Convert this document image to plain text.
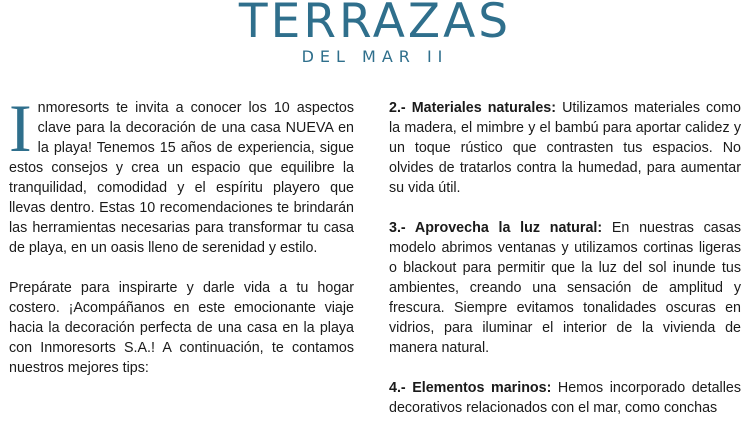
TERRAZAS
DEL MAR II

Inmoresorts te invita a conocer los 10 aspectos clave para la decoración de una casa NUEVA en la playa! Tenemos 15 años de experiencia, sigue estos consejos y crea un espacio que equilibre la tranquilidad, comodidad y el espíritu playero que llevas dentro. Estas 10 recomendaciones te brindarán las herramientas necesarias para transformar tu casa de playa, en un oasis lleno de serenidad y estilo.

Prepárate para inspirarte y darle vida a tu hogar costero. ¡Acompáñanos en este emocionante viaje hacia la decoración perfecta de una casa en la playa con Inmoresorts S.A.! A continuación, te contamos nuestros mejores tips:

2.- Materiales naturales: Utilizamos materiales como la madera, el mimbre y el bambú para aportar calidez y un toque rústico que contrasten tus espacios. No olvides de tratarlos contra la humedad, para aumentar su vida útil.

3.- Aprovecha la luz natural: En nuestras casas modelo abrimos ventanas y utilizamos cortinas ligeras o blackout para permitir que la luz del sol inunde tus ambientes, creando una sensación de amplitud y frescura. Siempre evitamos tonalidades oscuras en vidrios, para iluminar el interior de la vivienda de manera natural.

4.- Elementos marinos: Hemos incorporado detalles decorativos relacionados con el mar, como conchas
